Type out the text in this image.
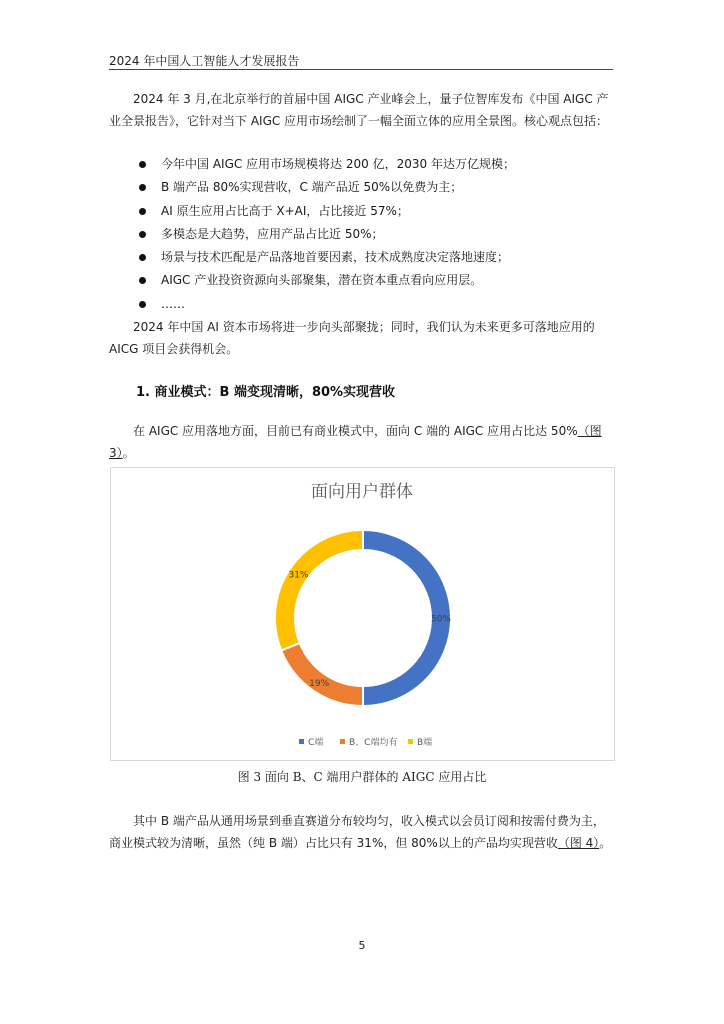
2024 年中国人工智能人才发展报告
2024 年 3 月,在北京举行的首届中国 AIGC 产业峰会上，量子位智库发布《中国 AIGC 产业全景报告》，它针对当下 AIGC 应用市场绘制了一幅全面立体的应用全景图。核心观点包括：
今年中国 AIGC 应用市场规模将达 200 亿，2030 年达万亿规模；
B 端产品 80%实现营收，C 端产品近 50%以免费为主；
AI 原生应用占比高于 X+AI，占比接近 57%；
多模态是大趋势，应用产品占比近 50%；
场景与技术匹配是产品落地首要因素，技术成熟度决定落地速度；
AIGC 产业投资资源向头部聚集，潜在资本重点看向应用层。
……
2024 年中国 AI 资本市场将进一步向头部聚拢；同时，我们认为未来更多可落地应用的 AICG 项目会获得机会。
1. 商业模式：B 端变现清晰，80%实现营收
在 AIGC 应用落地方面，目前已有商业模式中，面向 C 端的 AIGC 应用占比达 50%（图 3）。
面向用户群体
50%
19%
31%
C端	B、C端均有 B端
图 3 面向 B、C 端用户群体的 AIGC 应用占比
其中 B 端产品从通用场景到垂直赛道分布较均匀，收入模式以会员订阅和按需付费为主，商业模式较为清晰，虽然（纯 B 端）占比只有 31%，但 80%以上的产品均实现营收（图 4）。
5
